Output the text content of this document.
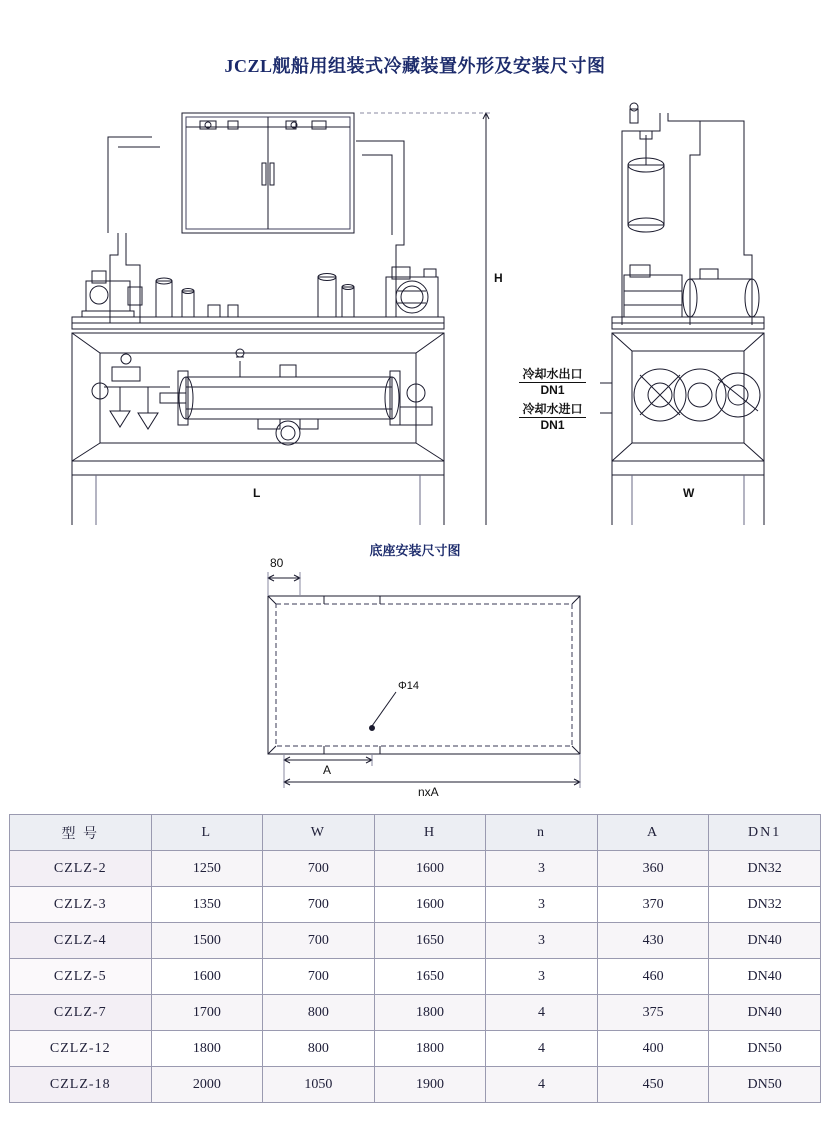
JCZL舰船用组装式冷藏装置外形及安装尺寸图
H
L	W
冷却水出口
DN1
冷却水进口
DN1
底座安装尺寸图
80
Φ14
A
nxA
型 号	L	W	H	n	A	DN1
CZLZ-2	1250	700	1600	3	360	DN32
CZLZ-3	1350	700	1600	3	370	DN32
CZLZ-4	1500	700	1650	3	430	DN40
CZLZ-5	1600	700	1650	3	460	DN40
CZLZ-7	1700	800	1800	4	375	DN40
CZLZ-12	1800	800	1800	4	400	DN50
CZLZ-18	2000	1050	1900	4	450	DN50
